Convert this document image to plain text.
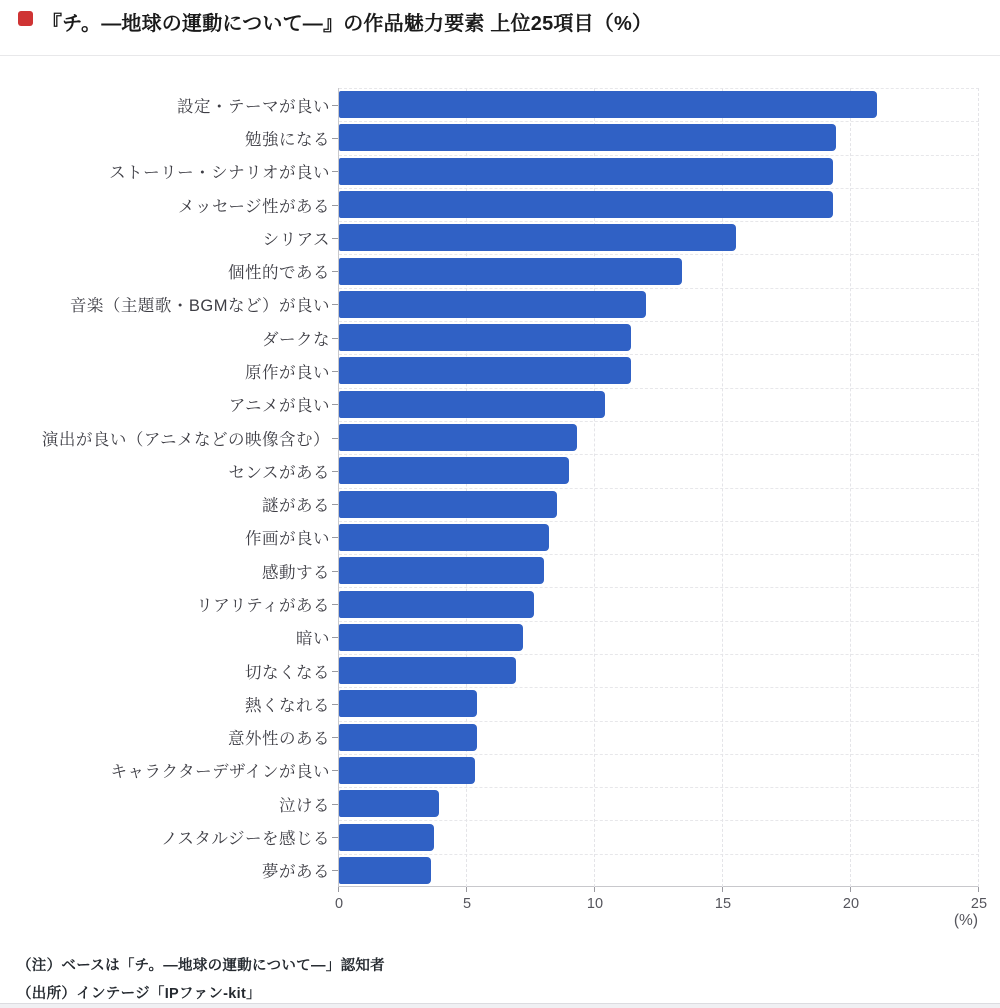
『チ。―地球の運動について―』の作品魅力要素 上位25項目（%）
設定・テーマが良い
勉強になる
ストーリー・シナリオが良い
メッセージ性がある
シリアス
個性的である
音楽（主題歌・BGMなど）が良い
ダークな
原作が良い
アニメが良い
演出が良い（アニメなどの映像含む）
センスがある
謎がある
作画が良い
感動する
リアリティがある
暗い
切なくなる
熱くなれる
意外性のある
キャラクターデザインが良い
泣ける
ノスタルジーを感じる
夢がある
0	5	10	15	20	25
(%)
（注）ベースは「チ。―地球の運動について―」認知者
（出所）インテージ「IPファン-kit」
